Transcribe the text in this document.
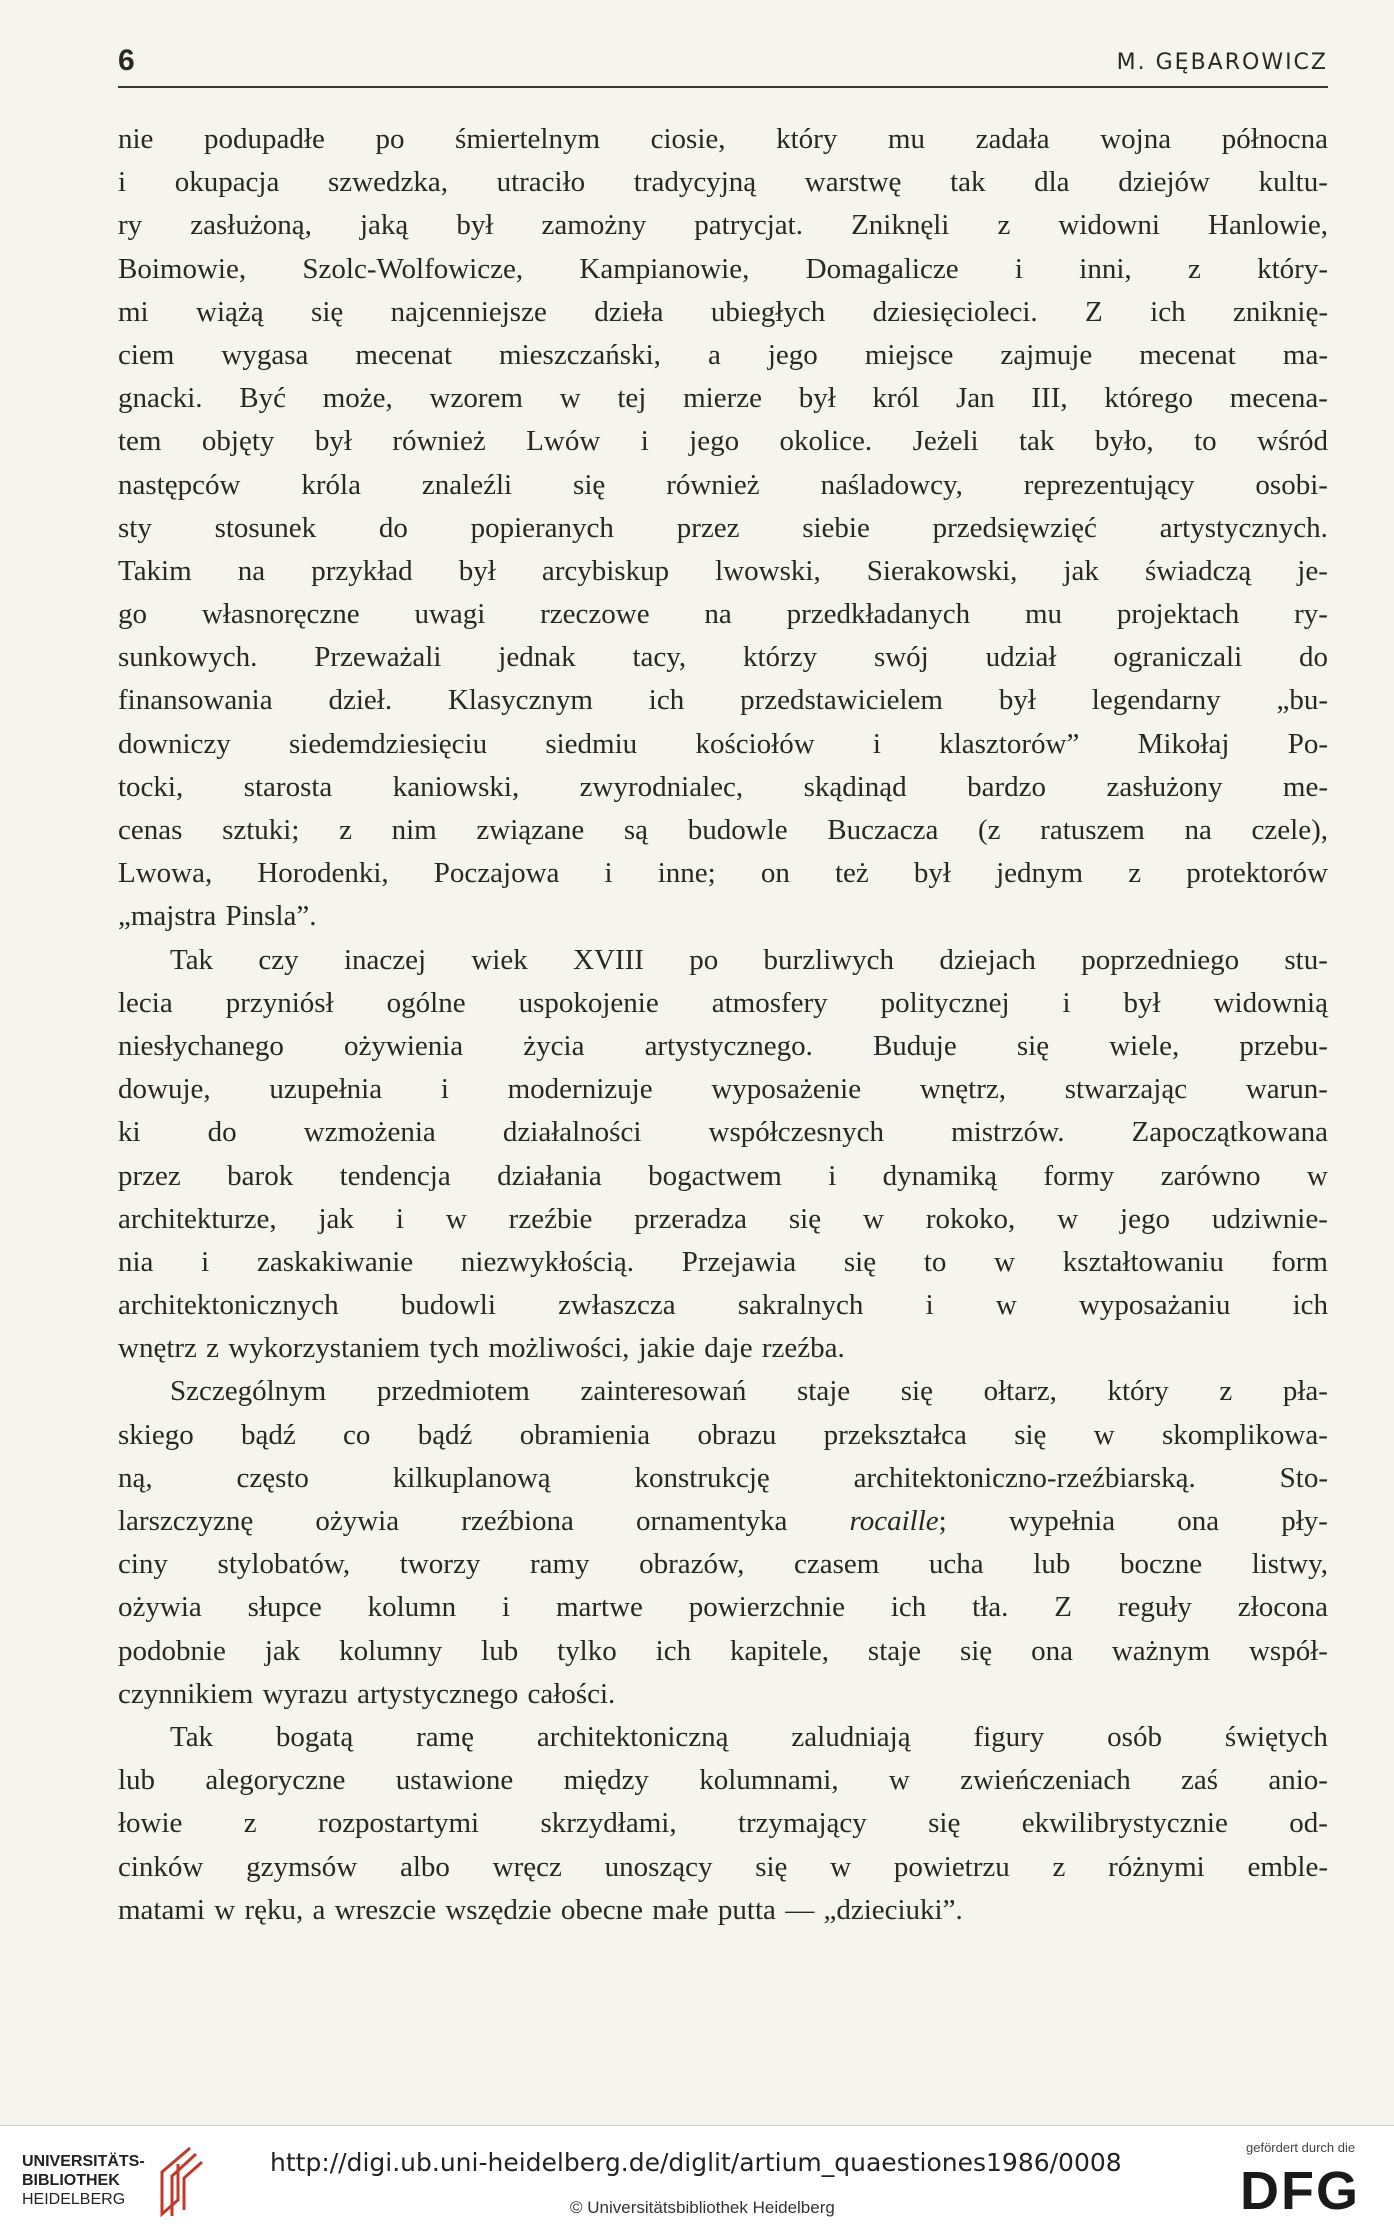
6	M. GĘBAROWICZ
nie podupadłe po śmiertelnym ciosie, który mu zadała wojna północna
i okupacja szwedzka, utraciło tradycyjną warstwę tak dla dziejów kultu-
ry zasłużoną, jaką był zamożny patrycjat. Zniknęli z widowni Hanlowie,
Boimowie, Szolc-Wolfowicze, Kampianowie, Domagalicze i inni, z który-
mi wiążą się najcenniejsze dzieła ubiegłych dziesięcioleci. Z ich zniknię-
ciem wygasa mecenat mieszczański, a jego miejsce zajmuje mecenat ma-
gnacki. Być może, wzorem w tej mierze był król Jan III, którego mecena-
tem objęty był również Lwów i jego okolice. Jeżeli tak było, to wśród
następców króla znaleźli się również naśladowcy, reprezentujący osobi-
sty stosunek do popieranych przez siebie przedsięwzięć artystycznych.
Takim na przykład był arcybiskup lwowski, Sierakowski, jak świadczą je-
go własnoręczne uwagi rzeczowe na przedkładanych mu projektach ry-
sunkowych. Przeważali jednak tacy, którzy swój udział ograniczali do
finansowania dzieł. Klasycznym ich przedstawicielem był legendarny „bu-
downiczy siedemdziesięciu siedmiu kościołów i klasztorów” Mikołaj Po-
tocki, starosta kaniowski, zwyrodnialec, skądinąd bardzo zasłużony me-
cenas sztuki; z nim związane są budowle Buczacza (z ratuszem na czele),
Lwowa, Horodenki, Poczajowa i inne; on też był jednym z protektorów
„majstra Pinsla”.
Tak czy inaczej wiek XVIII po burzliwych dziejach poprzedniego stu-
lecia przyniósł ogólne uspokojenie atmosfery politycznej i był widownią
niesłychanego ożywienia życia artystycznego. Buduje się wiele, przebu-
dowuje, uzupełnia i modernizuje wyposażenie wnętrz, stwarzając warun-
ki do wzmożenia działalności współczesnych mistrzów. Zapoczątkowana
przez barok tendencja działania bogactwem i dynamiką formy zarówno w
architekturze, jak i w rzeźbie przeradza się w rokoko, w jego udziwnie-
nia i zaskakiwanie niezwykłością. Przejawia się to w kształtowaniu form
architektonicznych budowli zwłaszcza sakralnych i w wyposażaniu ich
wnętrz z wykorzystaniem tych możliwości, jakie daje rzeźba.
Szczególnym przedmiotem zainteresowań staje się ołtarz, który z pła-
skiego bądź co bądź obramienia obrazu przekształca się w skomplikowa-
ną,	często	kilkuplanową	konstrukcję	architektoniczno-rzeźbiarską.	Sto-
larszczyznę ożywia rzeźbiona ornamentyka rocaille; wypełnia ona pły-
ciny stylobatów, tworzy ramy obrazów, czasem ucha lub boczne listwy,
ożywia słupce kolumn i martwe powierzchnie ich tła. Z reguły złocona
podobnie jak kolumny lub tylko ich kapitele, staje się ona ważnym współ-
czynnikiem wyrazu artystycznego całości.
Tak bogatą ramę architektoniczną zaludniają figury osób świętych
lub alegoryczne ustawione między kolumnami, w zwieńczeniach zaś anio-
łowie z rozpostartymi skrzydłami, trzymający się ekwilibrystycznie od-
cinków gzymsów albo wręcz unoszący się w powietrzu z różnymi emble-
matami w ręku, a wreszcie wszędzie obecne małe putta — „dzieciuki”.
UNIVERSITÄTS-
BIBLIOTHEK
HEIDELBERG
http://digi.ub.uni-heidelberg.de/diglit/artium_quaestiones1986/0008
© Universitätsbibliothek Heidelberg
gefördert durch die
DFG
